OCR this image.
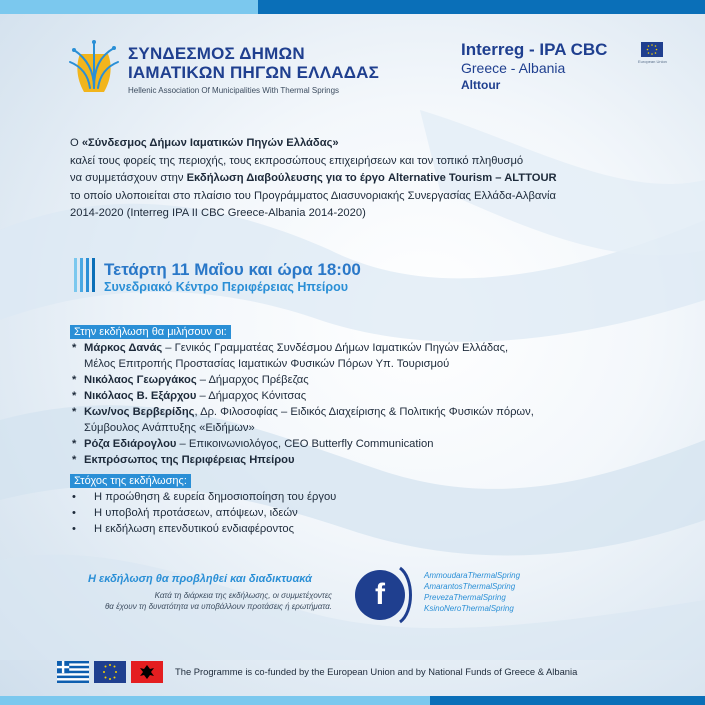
ΣΥΝΔΕΣΜΟΣ ΔΗΜΩΝ
ΙΑΜΑΤΙΚΩΝ ΠΗΓΩΝ ΕΛΛΑΔΑΣ
Hellenic Association Of Municipalities With Thermal Springs
Interreg - IPA CBC
European Union
Greece - Albania
Alttour
Ο «Σύνδεσμος Δήμων Ιαματικών Πηγών Ελλάδας»
καλεί τους φορείς της περιοχής, τους εκπροσώπους επιχειρήσεων και τον τοπικό πληθυσμό
να συμμετάσχουν στην Εκδήλωση Διαβούλευσης για το έργο Alternative Tourism – ALTTOUR
το οποίο υλοποιείται στο πλαίσιο του Προγράμματος Διασυνοριακής Συνεργασίας Ελλάδα-Αλβανία
2014-2020 (Interreg IPA II CBC Greece-Albania 2014-2020)
Τετάρτη 11 Μαΐου και ώρα 18:00
Συνεδριακό Κέντρο Περιφέρειας Ηπείρου
Στην εκδήλωση θα μιλήσουν οι:
* Μάρκος Δανάς – Γενικός Γραμματέας Συνδέσμου Δήμων Ιαματικών Πηγών Ελλάδας,
Μέλος Επιτροπής Προστασίας Ιαματικών Φυσικών Πόρων Υπ. Τουρισμού
* Νικόλαος Γεωργάκος – Δήμαρχος Πρέβεζας
* Νικόλαος Β. Εξάρχου – Δήμαρχος Κόνιτσας
* Κων/νος Βερβερίδης, Δρ. Φιλοσοφίας – Ειδικός Διαχείρισης & Πολιτικής Φυσικών πόρων,
Σύμβουλος Ανάπτυξης «Ειδήμων»
* Ρόζα Εδιάρογλου – Επικοινωνιολόγος, CEO Butterfly Communication
* Εκπρόσωπος της Περιφέρειας Ηπείρου
Στόχος της εκδήλωσης:
• Η προώθηση & ευρεία δημοσιοποίηση του έργου
• Η υποβολή προτάσεων, απόψεων, ιδεών
• Η εκδήλωση επενδυτικού ενδιαφέροντος
Η εκδήλωση θα προβληθεί και διαδικτυακά
Κατά τη διάρκεια της εκδήλωσης, οι συμμετέχοντες
θα έχουν τη δυνατότητα να υποβάλλουν προτάσεις ή ερωτήματα.	f
AmmoudaraThermalSpring
AmarantosThermalSpring
PrevezaThermalSpring
KsinoNeroThermalSpring
The Programme is co-funded by the European Union and by National Funds of Greece & Albania
